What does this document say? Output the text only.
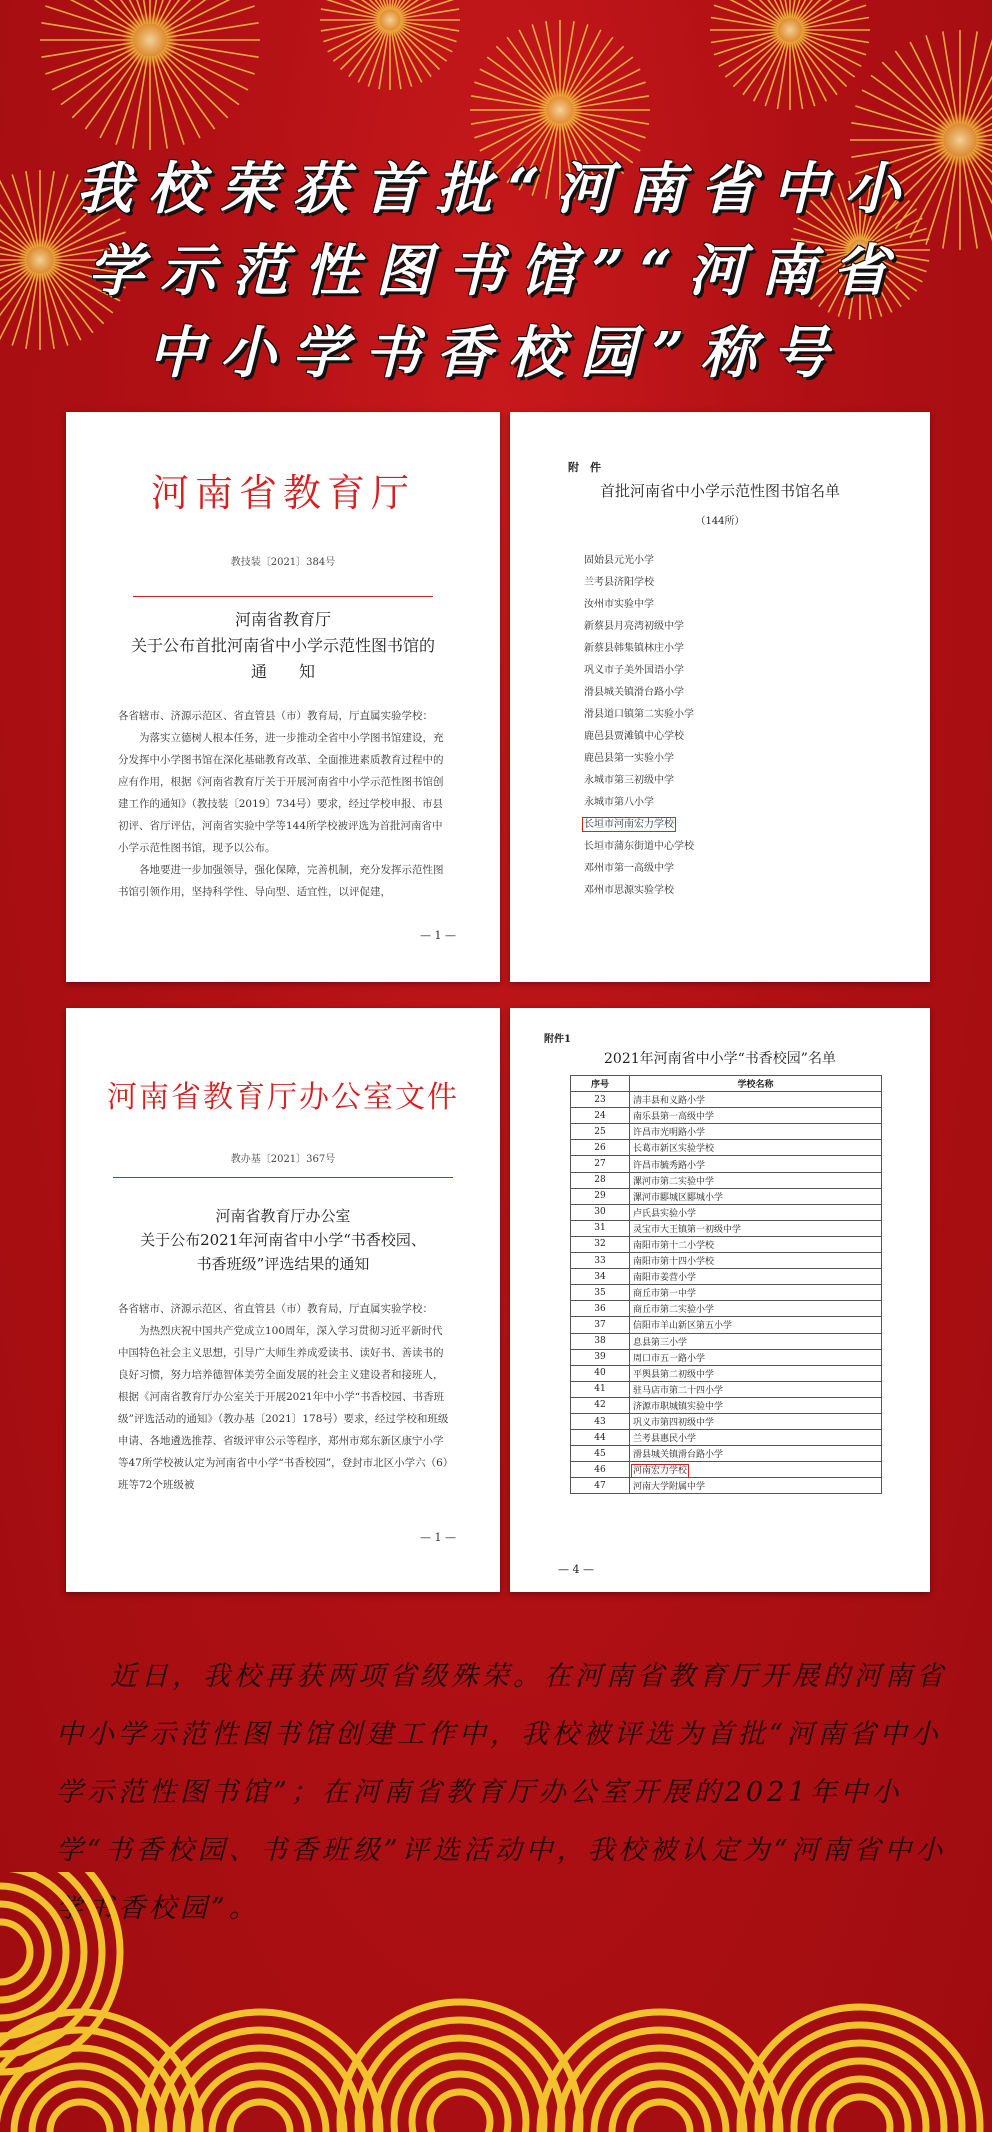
我校荣获首批“河南省中小学示范性图书馆”“河南省中小学书香校园”称号
河南省教育厅
教技装〔2021〕384号
河南省教育厅
关于公布首批河南省中小学示范性图书馆的
通　　知

各省辖市、济源示范区、省直管县（市）教育局，厅直属实验学校：

为落实立德树人根本任务，进一步推动全省中小学图书馆建设，充分发挥中小学图书馆在深化基础教育改革、全面推进素质教育过程中的应有作用，根据《河南省教育厅关于开展河南省中小学示范性图书馆创建工作的通知》（教技装〔2019〕734号）要求，经过学校申报、市县初评、省厅评估，河南省实验中学等144所学校被评选为首批河南省中小学示范性图书馆，现予以公布。

各地要进一步加强领导，强化保障，完善机制，充分发挥示范性图书馆引领作用，坚持科学性、导向型、适宜性，以评促建，

— 1 —
附　件
首批河南省中小学示范性图书馆名单
（144所）
固始县元光小学
兰考县济阳学校
汝州市实验中学
新蔡县月亮湾初级中学
新蔡县韩集镇林庄小学
巩义市子美外国语小学
滑县城关镇滑台路小学
滑县道口镇第二实验小学
鹿邑县贾滩镇中心学校
鹿邑县第一实验小学
永城市第三初级中学
永城市第八小学
长垣市河南宏力学校
长垣市蒲东街道中心学校
邓州市第一高级中学
邓州市思源实验学校
河南省教育厅办公室文件
教办基〔2021〕367号
河南省教育厅办公室
关于公布2021年河南省中小学“书香校园、
书香班级”评选结果的通知

各省辖市、济源示范区、省直管县（市）教育局，厅直属实验学校：

为热烈庆祝中国共产党成立100周年，深入学习贯彻习近平新时代中国特色社会主义思想，引导广大师生养成爱读书、读好书、善读书的良好习惯，努力培养德智体美劳全面发展的社会主义建设者和接班人，根据《河南省教育厅办公室关于开展2021年中小学“书香校园、书香班级”评选活动的通知》（教办基〔2021〕178号）要求，经过学校和班级申请、各地遴选推荐、省级评审公示等程序，郑州市郑东新区康宁小学等47所学校被认定为河南省中小学“书香校园”，登封市北区小学六（6）班等72个班级被

— 1 —
附件1
2021年河南省中小学“书香校园”名单
序号	学校名称
23	清丰县和义路小学
24	南乐县第一高级中学
25	许昌市光明路小学
26	长葛市新区实验学校
27	许昌市毓秀路小学
28	漯河市第二实验中学
29	漯河市郾城区郾城小学
30	卢氏县实验小学
31	灵宝市大王镇第一初级中学
32	南阳市第十二小学校
33	南阳市第十四小学校
34	南阳市姜营小学
35	商丘市第一中学
36	商丘市第二实验小学
37	信阳市羊山新区第五小学
38	息县第三小学
39	周口市五一路小学
40	平舆县第二初级中学
41	驻马店市第二十四小学
42	济源市职城镇实验中学
43	巩义市第四初级中学
44	兰考县惠民小学
45	滑县城关镇滑台路小学
46	河南宏力学校
47	河南大学附属中学
— 4 —

近日，我校再获两项省级殊荣。在河南省教育厅开展的河南省中小学示范性图书馆创建工作中，我校被评选为首批“河南省中小学示范性图书馆”；在河南省教育厅办公室开展的2021年中小学“书香校园、书香班级”评选活动中，我校被认定为“河南省中小学书香校园”。
